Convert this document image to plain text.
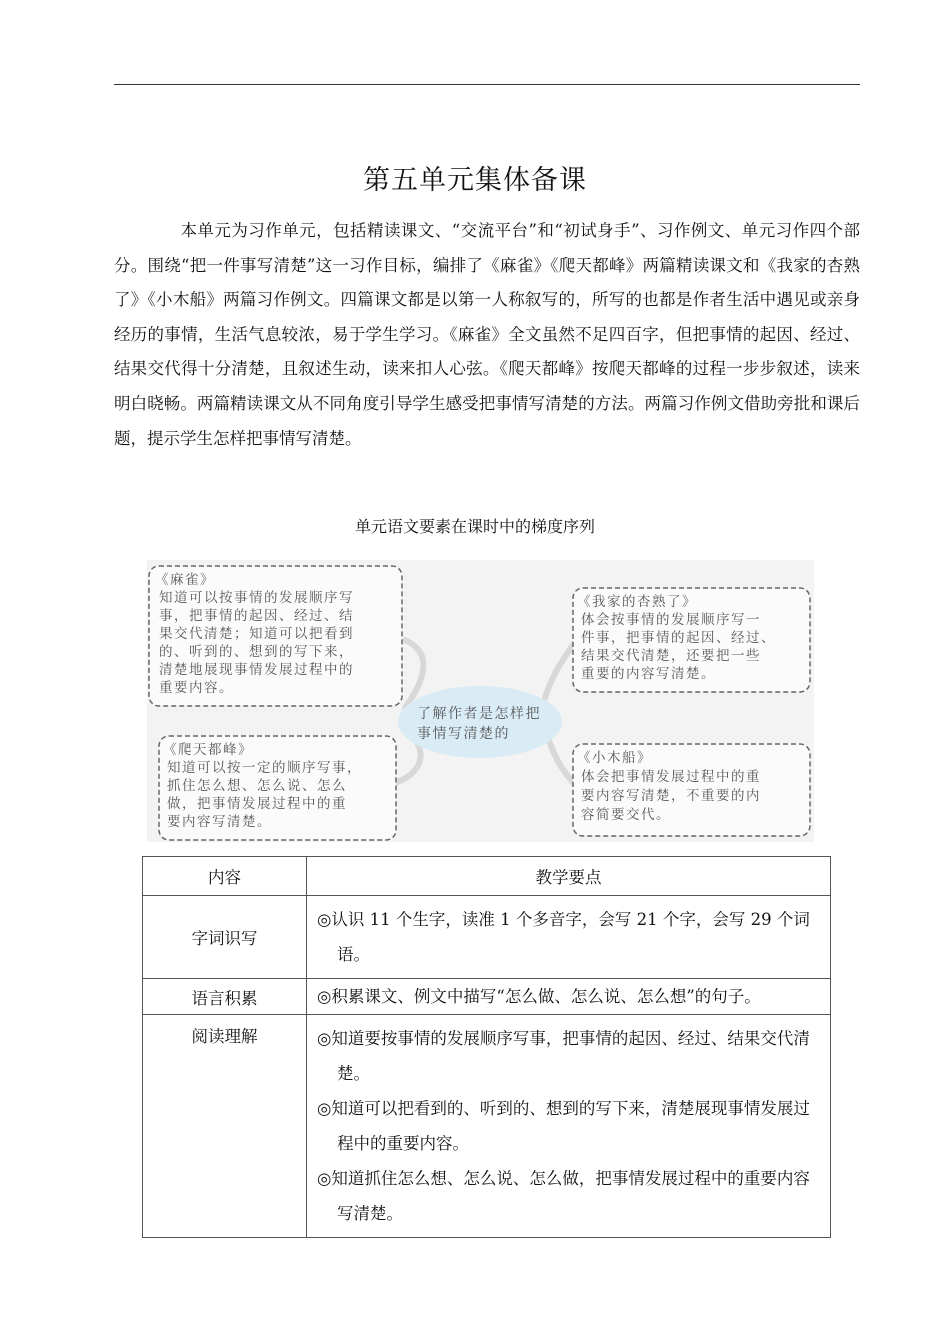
第五单元集体备课

本单元为习作单元，包括精读课文、“交流平台”和“初试身手”、习作例文、单元习作四个部分。围绕“把一件事写清楚”这一习作目标，编排了《麻雀》《爬天都峰》两篇精读课文和《我家的杏熟了》《小木船》两篇习作例文。四篇课文都是以第一人称叙写的，所写的也都是作者生活中遇见或亲身经历的事情，生活气息较浓，易于学生学习。《麻雀》全文虽然不足四百字，但把事情的起因、经过、结果交代得十分清楚，且叙述生动，读来扣人心弦。《爬天都峰》按爬天都峰的过程一步步叙述，读来明白晓畅。两篇精读课文从不同角度引导学生感受把事情写清楚的方法。两篇习作例文借助旁批和课后题，提示学生怎样把事情写清楚。

单元语文要素在课时中的梯度序列
了解作者是怎样把
事情写清楚的
《麻雀》
知道可以按事情的发展顺序写
事，把事情的起因、经过、结
果交代清楚；知道可以把看到
的、听到的、想到的写下来，
清楚地展现事情发展过程中的
重要内容。
《我家的杏熟了》
体会按事情的发展顺序写一
件事，把事情的起因、经过、
结果交代清楚，还要把一些
重要的内容写清楚。
《爬天都峰》
知道可以按一定的顺序写事，
抓住怎么想、怎么说、怎么
做，把事情发展过程中的重
要内容写清楚。
《小木船》
体会把事情发展过程中的重
要内容写清楚，不重要的内
容简要交代。
内容	教学要点
字词识写	◎认识 11 个生字，读准 1 个多音字，会写 21 个字，会写 29 个词语。

语言积累	◎积累课文、例文中描写“怎么做、怎么说、怎么想”的句子。

阅读理解	◎知道要按事情的发展顺序写事，把事情的起因、经过、结果交代清楚。
◎知道可以把看到的、听到的、想到的写下来，清楚展现事情发展过程中的重要内容。
◎知道抓住怎么想、怎么说、怎么做，把事情发展过程中的重要内容写清楚。
